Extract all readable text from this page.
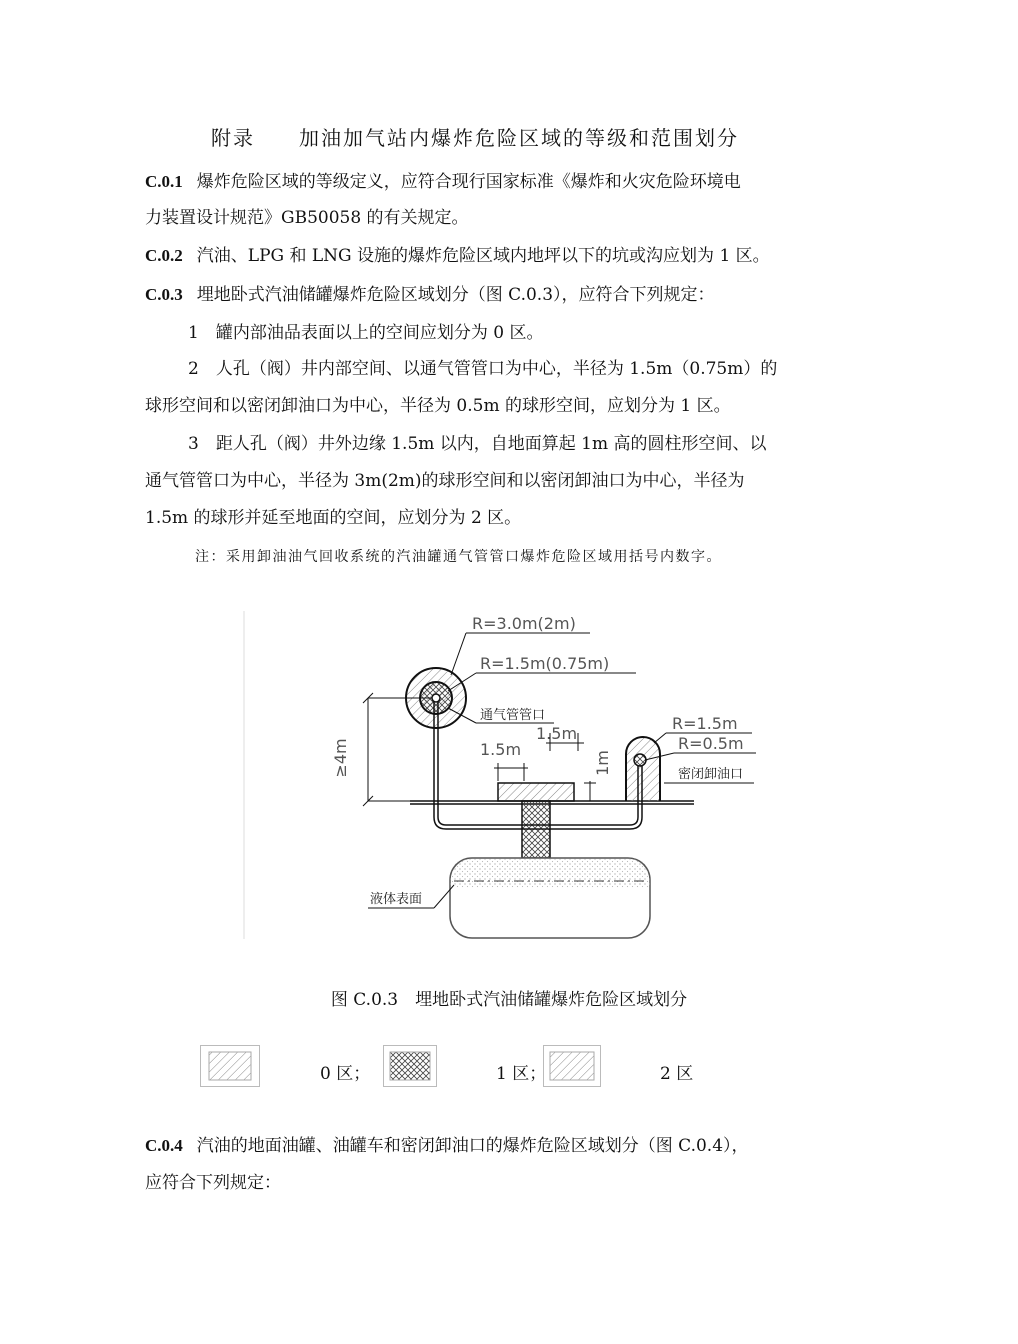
附录　　加油加气站内爆炸危险区域的等级和范围划分
C.0.1 爆炸危险区域的等级定义，应符合现行国家标准《爆炸和火灾危险环境电
力装置设计规范》GB50058 的有关规定。
C.0.2 汽油、LPG 和 LNG 设施的爆炸危险区域内地坪以下的坑或沟应划为 1 区。
C.0.3 埋地卧式汽油储罐爆炸危险区域划分（图 C.0.3），应符合下列规定：
1　罐内部油品表面以上的空间应划分为 0 区。
2　人孔（阀）井内部空间、以通气管管口为中心，半径为 1.5m（0.75m）的
球形空间和以密闭卸油口为中心，半径为 0.5m 的球形空间，应划分为 1 区。
3　距人孔（阀）井外边缘 1.5m 以内，自地面算起 1m 高的圆柱形空间、以
通气管管口为中心，半径为 3m(2m)的球形空间和以密闭卸油口为中心，半径为
1.5m 的球形并延至地面的空间，应划分为 2 区。
注：采用卸油油气回收系统的汽油罐通气管管口爆炸危险区域用括号内数字。
≥4m
R=3.0m(2m)
R=1.5m(0.75m)
通气管管口
1.5m
1.5m
1m
R=1.5m
R=0.5m
密闭卸油口
液体表面
图 C.0.3　埋地卧式汽油储罐爆炸危险区域划分
0 区；	1 区；	2 区
C.0.4 汽油的地面油罐、油罐车和密闭卸油口的爆炸危险区域划分（图 C.0.4），
应符合下列规定：
